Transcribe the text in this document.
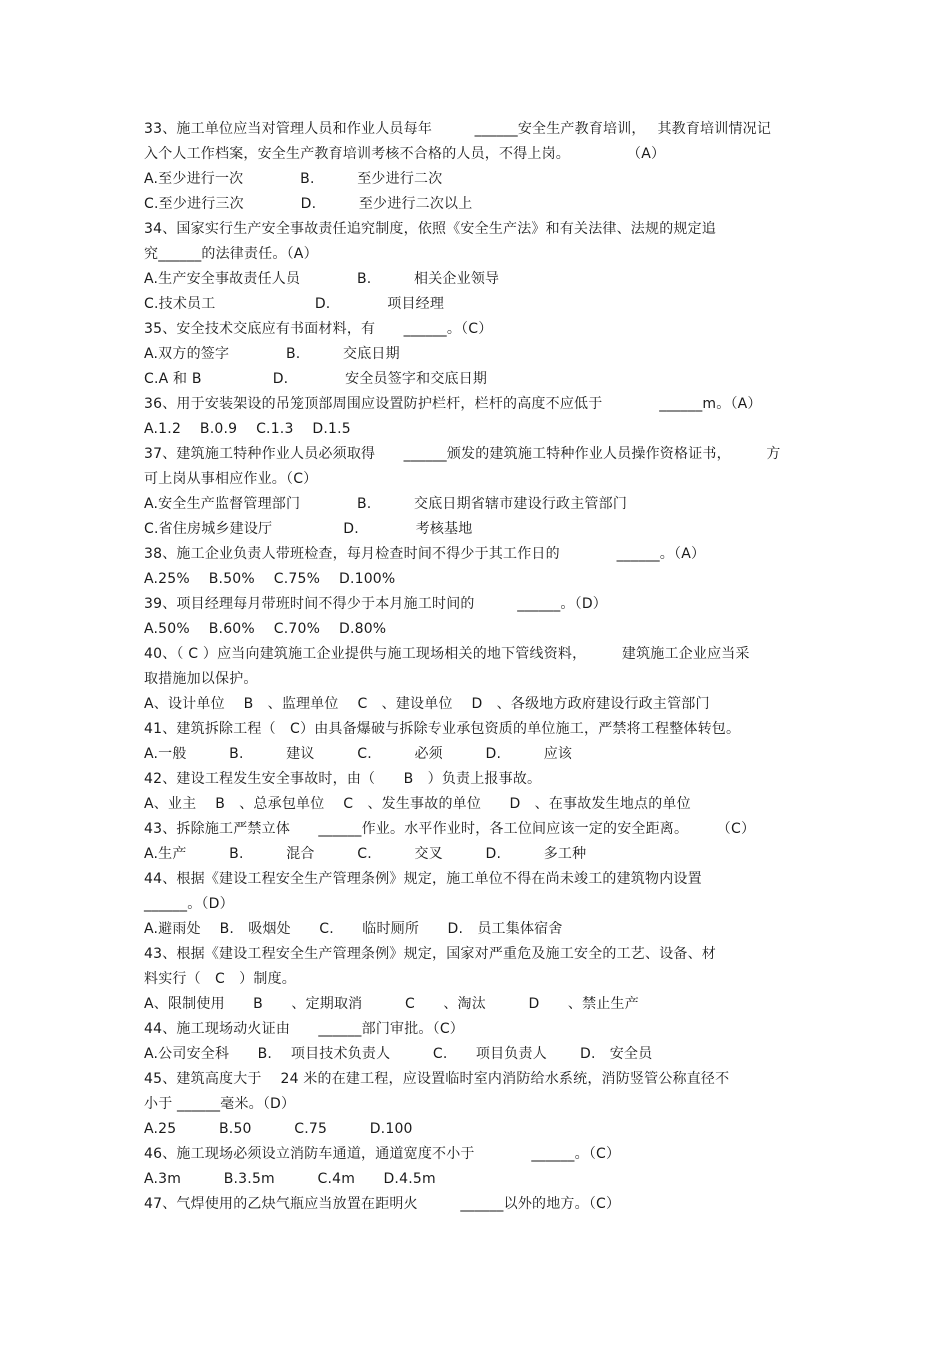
33、施工单位应当对管理人员和作业人员每年　　　______安全生产教育培训，　 其教育培训情况记
入个人工作档案，安全生产教育培训考核不合格的人员，不得上岗。　　　　　（A）
A.至少进行一次　　　　B.　　　至少进行二次
C.至少进行三次　　　　D.　　　至少进行二次以上
34、国家实行生产安全事故责任追究制度，依照《安全生产法》和有关法律、法规的规定追
究______的法律责任。（A）
A.生产安全事故责任人员　　　　B.　　　相关企业领导
C.技术员工　　　　　　　D.　　　　项目经理
35、安全技术交底应有书面材料，有　　______。（C）
A.双方的签字　　　　B.　　　交底日期
C.A 和 B　　　　　D.　　　　安全员签字和交底日期
36、用于安装架设的吊笼顶部周围应设置防护栏杆，栏杆的高度不应低于　　　　______m。（A）
A.1.2　 B.0.9　 C.1.3　 D.1.5
37、建筑施工特种作业人员必须取得　　______颁发的建筑施工特种作业人员操作资格证书，　　　方
可上岗从事相应作业。（C）
A.安全生产监督管理部门　　　　B.　　　交底日期省辖市建设行政主管部门
C.省住房城乡建设厅　　　　　D.　　　　考核基地
38、施工企业负责人带班检查，每月检查时间不得少于其工作日的　　　　______。（A）
A.25%　 B.50%　 C.75%　 D.100%
39、项目经理每月带班时间不得少于本月施工时间的　　　______。（D）
A.50%　 B.60%　 C.70%　 D.80%
40、（ C ）应当向建筑施工企业提供与施工现场相关的地下管线资料，　　　建筑施工企业应当采
取措施加以保护。
A、设计单位　 B　、监理单位　 C　、建设单位　 D　、各级地方政府建设行政主管部门
41、建筑拆除工程（　C）由具备爆破与拆除专业承包资质的单位施工，严禁将工程整体转包。
A.一般　　　B.　　　建议　　　C.　　　必须　　　D.　　　应该
42、建设工程发生安全事故时，由（　　B　）负责上报事故。
A、业主　 B　、总承包单位　 C　、发生事故的单位　　D　、在事故发生地点的单位
43、拆除施工严禁立体　　______作业。水平作业时，各工位间应该一定的安全距离。　　　（C）
A.生产　　　B.　　　混合　　　C.　　　交叉　　　D.　　　多工种
44、根据《建设工程安全生产管理条例》规定，施工单位不得在尚未竣工的建筑物内设置
______。（D）
A.避雨处　 B.　吸烟处　　C.　　临时厕所　　D.　员工集体宿舍
43、根据《建设工程安全生产管理条例》规定，国家对严重危及施工安全的工艺、设备、材
料实行（　C　）制度。
A、限制使用　　B　　、定期取消　　　C　　、淘汰　　　D　　、禁止生产
44、施工现场动火证由　　______部门审批。（C）
A.公司安全科　　B.　 项目技术负责人　　　C.　　项目负责人　　 D.　安全员
45、建筑高度大于　 24 米的在建工程，应设置临时室内消防给水系统，消防竖管公称直径不
小于 ______毫米。（D）
A.25　　　B.50　　　C.75　　　D.100
46、施工现场必须设立消防车通道，通道宽度不小于　　　　______。（C）
A.3m　　　B.3.5m　　　C.4m　　D.4.5m
47、气焊使用的乙炔气瓶应当放置在距明火　　　______以外的地方。（C）
